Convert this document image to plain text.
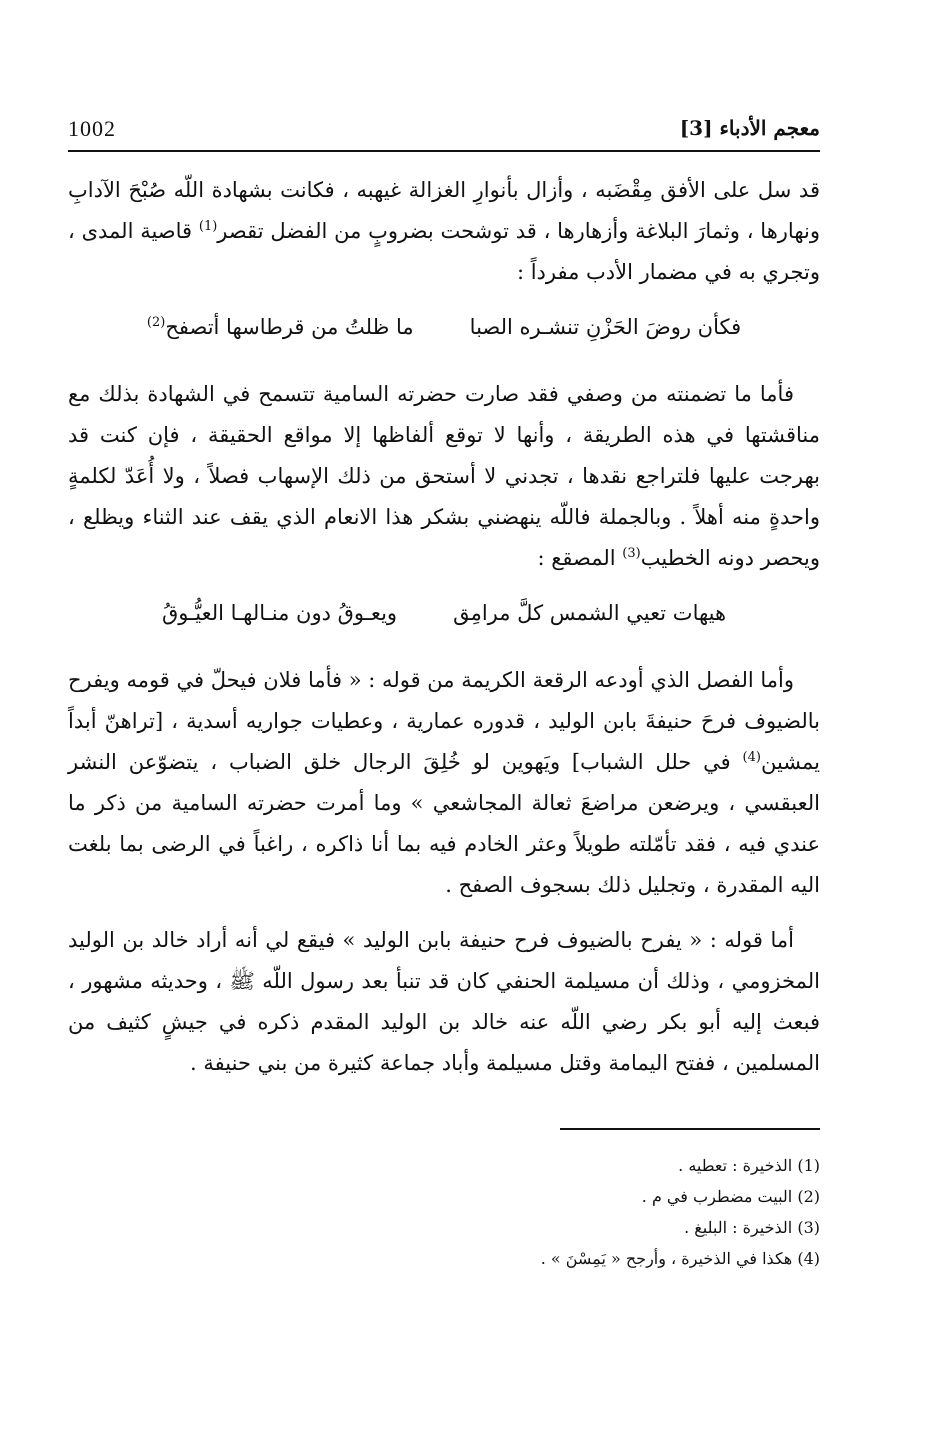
1002	معجم الأدباء [3]

قد سل على الأفق مِقْضَبه ، وأزال بأنوارِ الغزالة غيهبه ، فكانت بشهادة اللّه صُبْحَ الآدابِ ونهارها ، وثمارَ البلاغة وأزهارها ، قد توشحت بضروبٍ من الفضل تقصر$^{(1)}$ قاصية المدى ، وتجري به في مضمار الأدب مفرداً :

فكأن روضَ الحَزْنِ تنشـره الصبا
ما ظلتُ من قرطاسها أتصفح$^{(2)}$

فأما ما تضمنته من وصفي فقد صارت حضرته السامية تتسمح في الشهادة بذلك مع مناقشتها في هذه الطريقة ، وأنها لا توقع ألفاظها إلا مواقع الحقيقة ، فإن كنت قد بهرجت عليها فلتراجع نقدها ، تجدني لا أستحق من ذلك الإسهاب فصلاً ، ولا أُعَدّ لكلمةٍ واحدةٍ منه أهلاً . وبالجملة فاللّه ينهضني بشكر هذا الانعام الذي يقف عند الثناء ويظلع ، ويحصر دونه الخطيب$^{(3)}$ المصقع :

هيهات تعيي الشمس كلَّ مرامِق
ويعـوقُ دون منـالهـا العيُّـوقُ

وأما الفصل الذي أودعه الرقعة الكريمة من قوله : « فأما فلان فيحلّ في قومه ويفرح بالضيوف فرحَ حنيفةَ بابن الوليد ، قدوره عمارية ، وعطيات جواريه أسدية ، [تراهنّ أبداً يمشين$^{(4)}$ في حلل الشباب] ويَهوين لو خُلِقَ الرجال خلق الضباب ، يتضوّعن النشر العبقسي ، ويرضعن مراضعَ ثعالة المجاشعي » وما أمرت حضرته السامية من ذكر ما عندي فيه ، فقد تأمّلته طويلاً وعثر الخادم فيه بما أنا ذاكره ، راغباً في الرضى بما بلغت اليه المقدرة ، وتجليل ذلك بسجوف الصفح .

أما قوله : « يفرح بالضيوف فرح حنيفة بابن الوليد » فيقع لي أنه أراد خالد بن الوليد المخزومي ، وذلك أن مسيلمة الحنفي كان قد تنبأ بعد رسول اللّه ﷺ ، وحديثه مشهور ، فبعث إليه أبو بكر رضي اللّه عنه خالد بن الوليد المقدم ذكره في جيشٍ كثيف من المسلمين ، ففتح اليمامة وقتل مسيلمة وأباد جماعة كثيرة من بني حنيفة .

(1) الذخيرة : تعطيه .
(2) البيت مضطرب في م .
(3) الذخيرة : البليغ .
(4) هكذا في الذخيرة ، وأرجح « يَمِسْنَ » .
